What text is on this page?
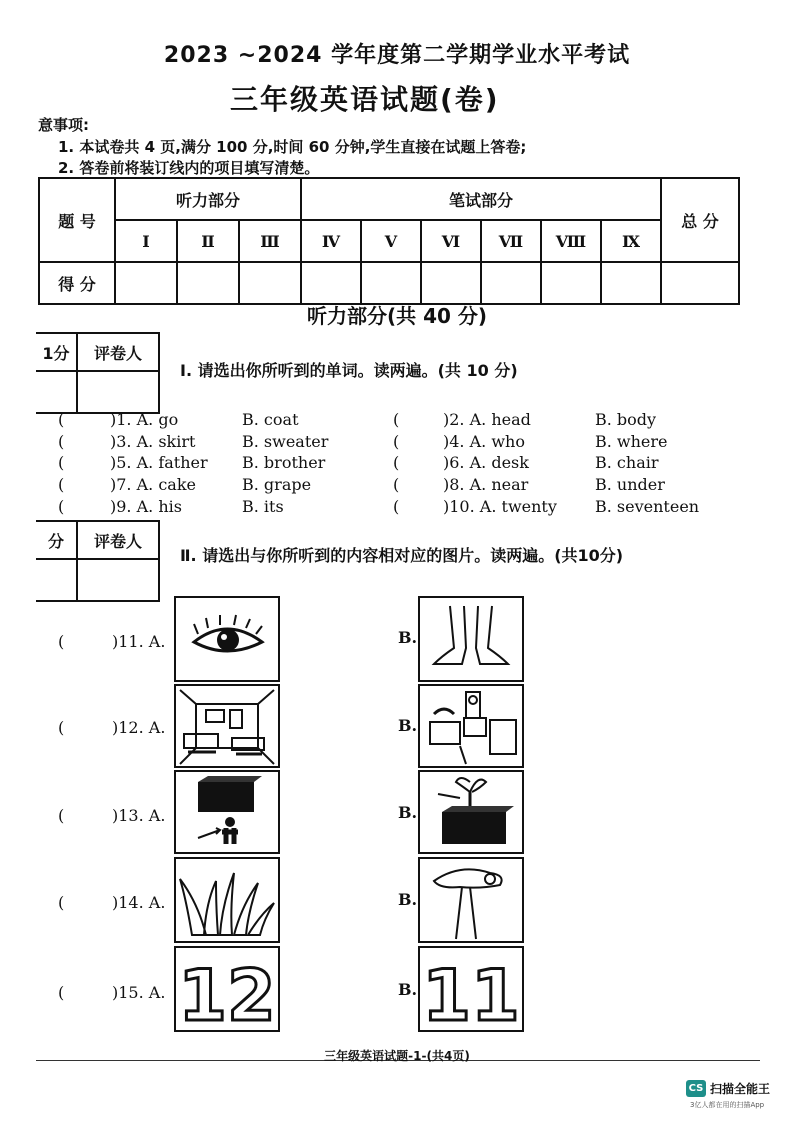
2023 ~2024 学年度第二学期学业水平考试
三年级英语试题(卷)
意事项:
1. 本试卷共 4 页,满分 100 分,时间 60 分钟,学生直接在试题上答卷;
2. 答卷前将装订线内的项目填写清楚。
题 号	听力部分			笔试部分						总 分
	Ⅰ	Ⅱ	Ⅲ	Ⅳ	Ⅴ	Ⅵ	Ⅶ	Ⅷ	Ⅸ	
得 分										
听力部分(共 40 分)
1分	评卷人

Ⅰ. 请选出你所听到的单词。读两遍。(共 10 分)
(	)1. A. go	B. coat	(	)2. A. head	B. body
(	)3. A. skirt	B. sweater	(	)4. A. who	B. where
(	)5. A. father B. brother	(	)6. A. desk	B. chair
(	)7. A. cake	B. grape	(	)8. A. near	B. under
(	)9. A. his	B. its	(	)10. A. twenty B. seventeen
分	评卷人

Ⅱ. 请选出与你所听到的内容相对应的图片。读两遍。(共10分)
(	)11. A.	B.
(	)12. A.	B.
(	)13. A.	B.
(	)14. A.	B.
(	)15. A.	B.
12 11
三年级英语试题-1-(共4页)
CS 扫描全能王
3亿人都在用的扫描App
